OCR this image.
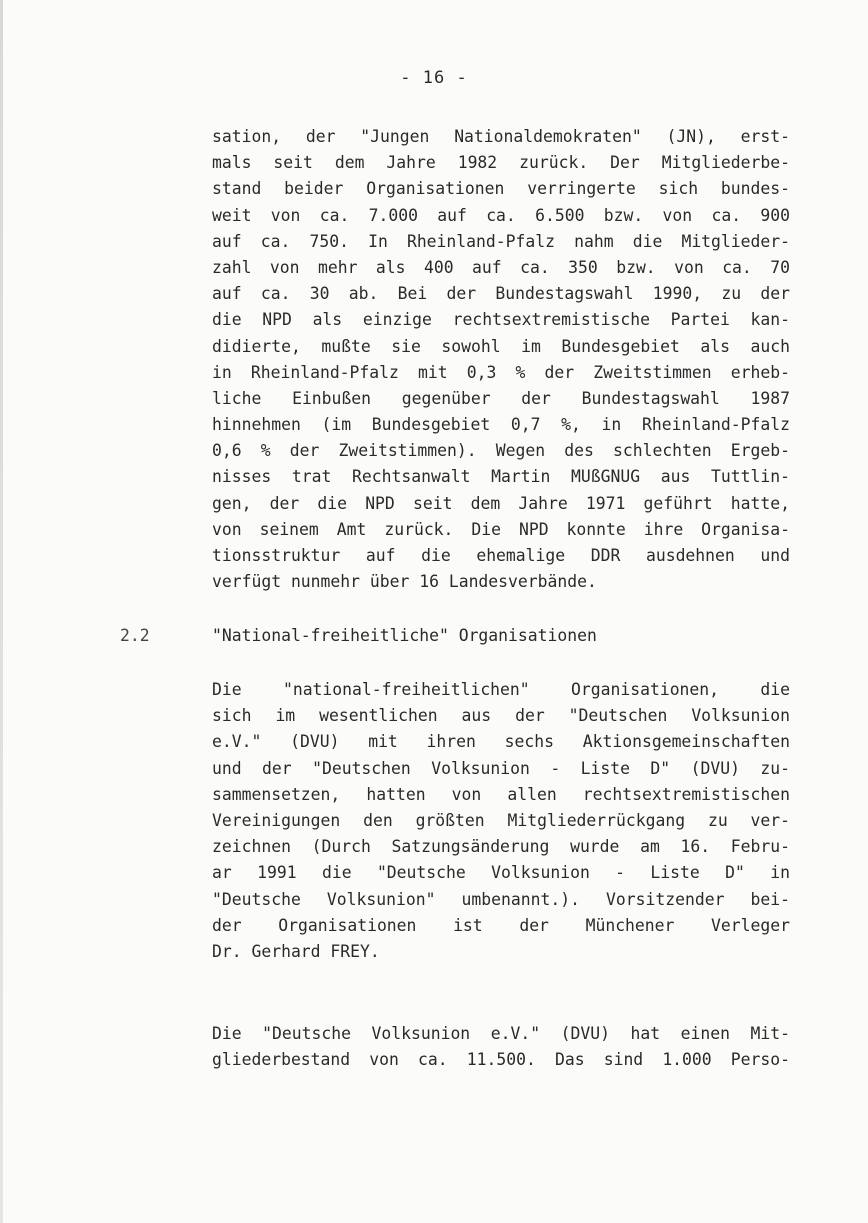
- 16 -
sation, der "Jungen Nationaldemokraten" (JN), erst-
mals seit dem Jahre 1982 zurück. Der Mitgliederbe-
stand beider Organisationen verringerte sich bundes-
weit von ca. 7.000 auf ca. 6.500 bzw. von ca. 900
auf ca. 750. In Rheinland-Pfalz nahm die Mitglieder-
zahl von mehr als 400 auf ca. 350 bzw. von ca. 70
auf ca. 30 ab. Bei der Bundestagswahl 1990, zu der
die NPD als einzige rechtsextremistische Partei kan-
didierte, mußte sie sowohl im Bundesgebiet als auch
in Rheinland-Pfalz mit 0,3 % der Zweitstimmen erheb-
liche Einbußen gegenüber der Bundestagswahl 1987
hinnehmen (im Bundesgebiet 0,7 %, in Rheinland-Pfalz
0,6 % der Zweitstimmen). Wegen des schlechten Ergeb-
nisses trat Rechtsanwalt Martin MUßGNUG aus Tuttlin-
gen, der die NPD seit dem Jahre 1971 geführt hatte,
von seinem Amt zurück. Die NPD konnte ihre Organisa-
tionsstruktur auf die ehemalige DDR ausdehnen und
verfügt nunmehr über 16 Landesverbände.
2.2	"National-freiheitliche" Organisationen
Die "national-freiheitlichen" Organisationen, die
sich im wesentlichen aus der "Deutschen Volksunion
e.V." (DVU) mit ihren sechs Aktionsgemeinschaften
und der "Deutschen Volksunion - Liste D" (DVU) zu-
sammensetzen, hatten von allen rechtsextremistischen
Vereinigungen den größten Mitgliederrückgang zu ver-
zeichnen (Durch Satzungsänderung wurde am 16. Febru-
ar 1991 die "Deutsche Volksunion - Liste D" in
"Deutsche Volksunion" umbenannt.). Vorsitzender bei-
der Organisationen ist der Münchener Verleger
Dr. Gerhard FREY.
Die "Deutsche Volksunion e.V." (DVU) hat einen Mit-
gliederbestand von ca. 11.500. Das sind 1.000 Perso-
